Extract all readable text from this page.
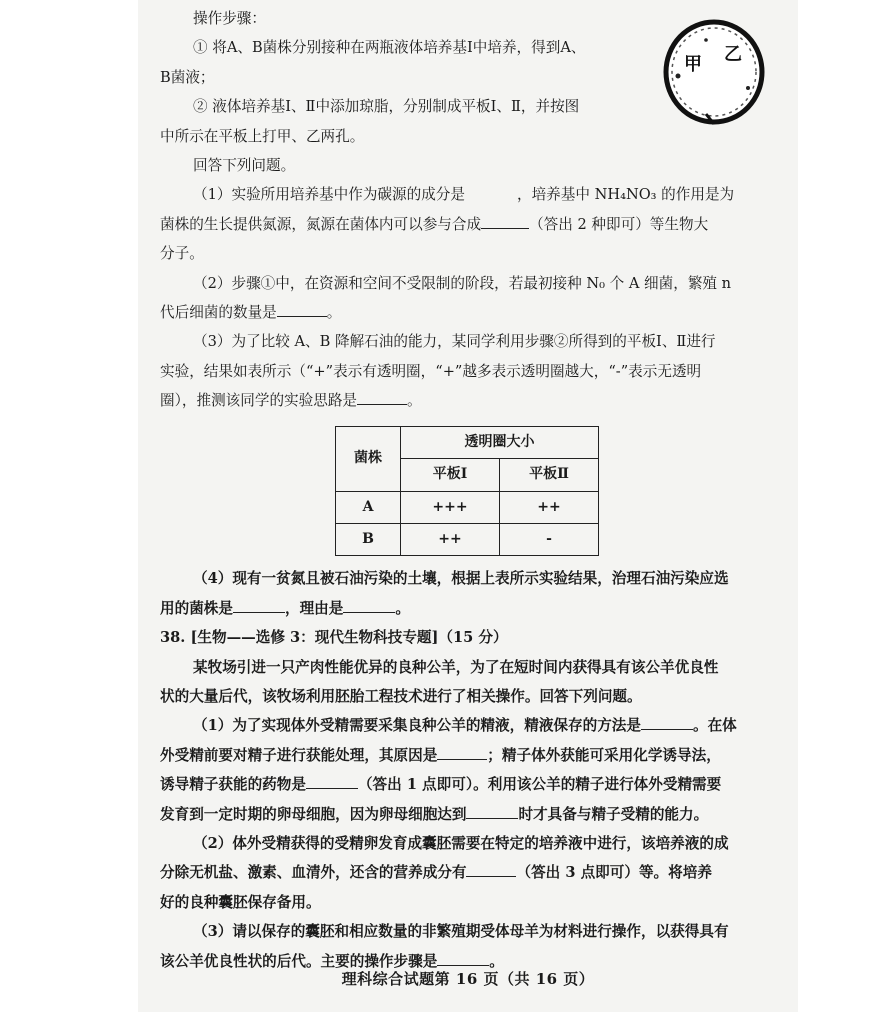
操作步骤：
① 将A、B菌株分别接种在两瓶液体培养基Ⅰ中培养，得到A、
B菌液；
② 液体培养基Ⅰ、Ⅱ中添加琼脂，分别制成平板Ⅰ、Ⅱ，并按图
中所示在平板上打甲、乙两孔。
回答下列问题。
（1）实验所用培养基中作为碳源的成分是	，培养基中 NH₄NO₃ 的作用是为
菌株的生长提供氮源，氮源在菌体内可以参与合成	（答出 2 种即可）等生物大
分子。
（2）步骤①中，在资源和空间不受限制的阶段，若最初接种 N₀ 个 A 细菌，繁殖 n
代后细菌的数量是	。
（3）为了比较 A、B 降解石油的能力，某同学利用步骤②所得到的平板Ⅰ、Ⅱ进行
实验，结果如表所示（“+”表示有透明圈，“+”越多表示透明圈越大，“-”表示无透明
圈），推测该同学的实验思路是	。
菌株	透明圈大小	
	平板Ⅰ	平板Ⅱ
A	+++	++
B	++	-
（4）现有一贫氮且被石油污染的土壤，根据上表所示实验结果，治理石油污染应选
用的菌株是	，理由是	。
38. [生物——选修 3：现代生物科技专题]（15 分）
某牧场引进一只产肉性能优异的良种公羊，为了在短时间内获得具有该公羊优良性
状的大量后代，该牧场利用胚胎工程技术进行了相关操作。回答下列问题。
（1）为了实现体外受精需要采集良种公羊的精液，精液保存的方法是	。在体
外受精前要对精子进行获能处理，其原因是	；精子体外获能可采用化学诱导法，
诱导精子获能的药物是	（答出 1 点即可）。利用该公羊的精子进行体外受精需要
发育到一定时期的卵母细胞，因为卵母细胞达到	时才具备与精子受精的能力。
（2）体外受精获得的受精卵发育成囊胚需要在特定的培养液中进行，该培养液的成
分除无机盐、激素、血清外，还含的营养成分有	（答出 3 点即可）等。将培养
好的良种囊胚保存备用。
（3）请以保存的囊胚和相应数量的非繁殖期受体母羊为材料进行操作，以获得具有
该公羊优良性状的后代。主要的操作步骤是	。
甲 乙
理科综合试题第 16 页（共 16 页）
